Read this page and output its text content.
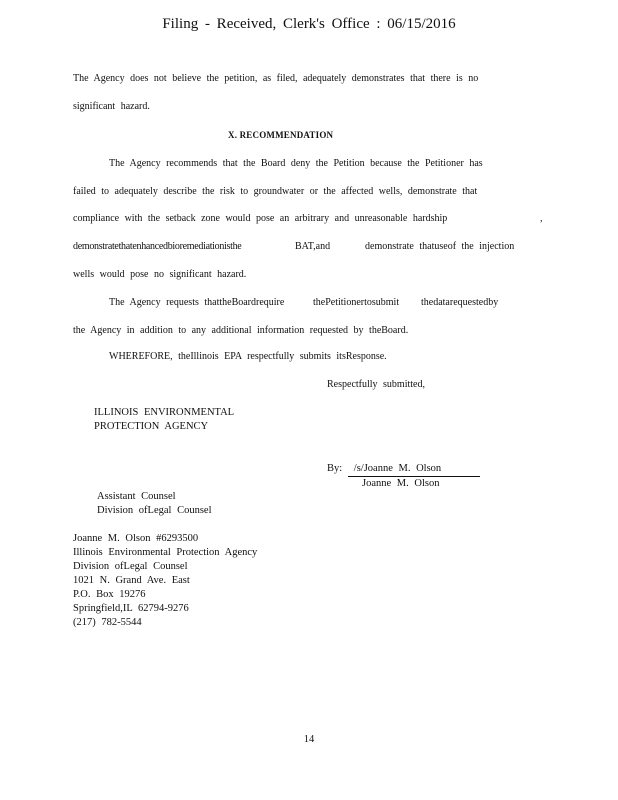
Filing - Received, Clerk's Office : 06/15/2016
The Agency does not believe the petition, as filed, adequately demonstrates that there is no
significant hazard.
X. RECOMMENDATION
The Agency recommends that the Board deny the Petition because the Petitioner has
failed to adequately describe the risk to groundwater or the affected wells, demonstrate that
compliance with the setback zone would pose an arbitrary and unreasonable hardship	,
demonstratethatenhancedbioremediationisthe	BAT,and	demonstrate thatuseof the injection
wells would pose no significant hazard.
The Agency requests thattheBoardrequire	thePetitionertosubmit thedatarequestedby
the Agency in addition to any additional information requested by theBoard.
WHEREFORE, theIllinois EPA respectfully submits itsResponse.
Respectfully submitted,
ILLINOIS ENVIRONMENTAL
PROTECTION AGENCY
By: /s/Joanne M. Olson
Joanne M. Olson
Assistant Counsel
Division ofLegal Counsel
Joanne M. Olson #6293500
Illinois Environmental Protection Agency
Division ofLegal Counsel
1021 N. Grand Ave. East
P.O. Box 19276
Springfield,IL 62794-9276
(217) 782-5544
14
